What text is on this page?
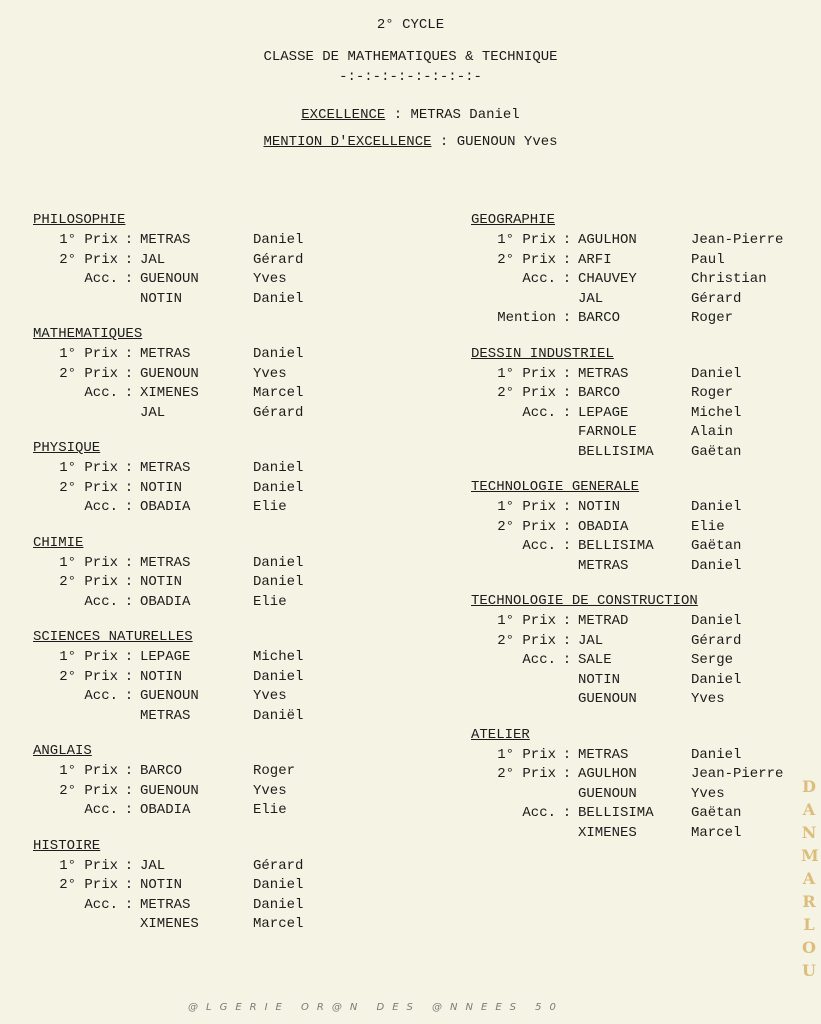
2° CYCLE
CLASSE DE MATHEMATIQUES & TECHNIQUE
-:-:-:-:-:-:-:-:-
EXCELLENCE : METRAS Daniel
MENTION D'EXCELLENCE : GUENOUN Yves
PHILOSOPHIE
1° Prix : METRAS	Daniel
2° Prix : JAL	Gérard
Acc. : GUENOUN	Yves
NOTIN	Daniel
MATHEMATIQUES
1° Prix : METRAS	Daniel
2° Prix : GUENOUN	Yves
Acc. : XIMENES	Marcel
JAL	Gérard
PHYSIQUE
1° Prix : METRAS	Daniel
2° Prix : NOTIN	Daniel
Acc. : OBADIA	Elie
CHIMIE
1° Prix : METRAS	Daniel
2° Prix : NOTIN	Daniel
Acc. : OBADIA	Elie
SCIENCES NATURELLES
1° Prix : LEPAGE	Michel
2° Prix : NOTIN	Daniel
Acc. : GUENOUN	Yves
METRAS	Daniël
ANGLAIS
1° Prix : BARCO	Roger
2° Prix : GUENOUN	Yves
Acc. : OBADIA	Elie
HISTOIRE
1° Prix : JAL	Gérard
2° Prix : NOTIN	Daniel
Acc. : METRAS	Daniel
XIMENES	Marcel
GEOGRAPHIE
1° Prix : AGULHON	Jean-Pierre
2° Prix : ARFI	Paul
Acc. : CHAUVEY	Christian
JAL	Gérard
Mention : BARCO	Roger
DESSIN INDUSTRIEL
1° Prix : METRAS	Daniel
2° Prix : BARCO	Roger
Acc. : LEPAGE	Michel
FARNOLE	Alain
BELLISIMA	Gaëtan
TECHNOLOGIE GENERALE
1° Prix : NOTIN	Daniel
2° Prix : OBADIA	Elie
Acc. : BELLISIMA	Gaëtan
METRAS	Daniel
TECHNOLOGIE DE CONSTRUCTION
1° Prix : METRAD	Daniel
2° Prix : JAL	Gérard
Acc. : SALE	Serge
NOTIN	Daniel
GUENOUN	Yves
ATELIER
1° Prix : METRAS	Daniel
2° Prix : AGULHON	Jean-Pierre
GUENOUN	Yves
Acc. : BELLISIMA	Gaëtan
XIMENES	Marcel
D
A
N
M
A
R
L
O
U
@LGERIE OR@N DES @NNEES 50
